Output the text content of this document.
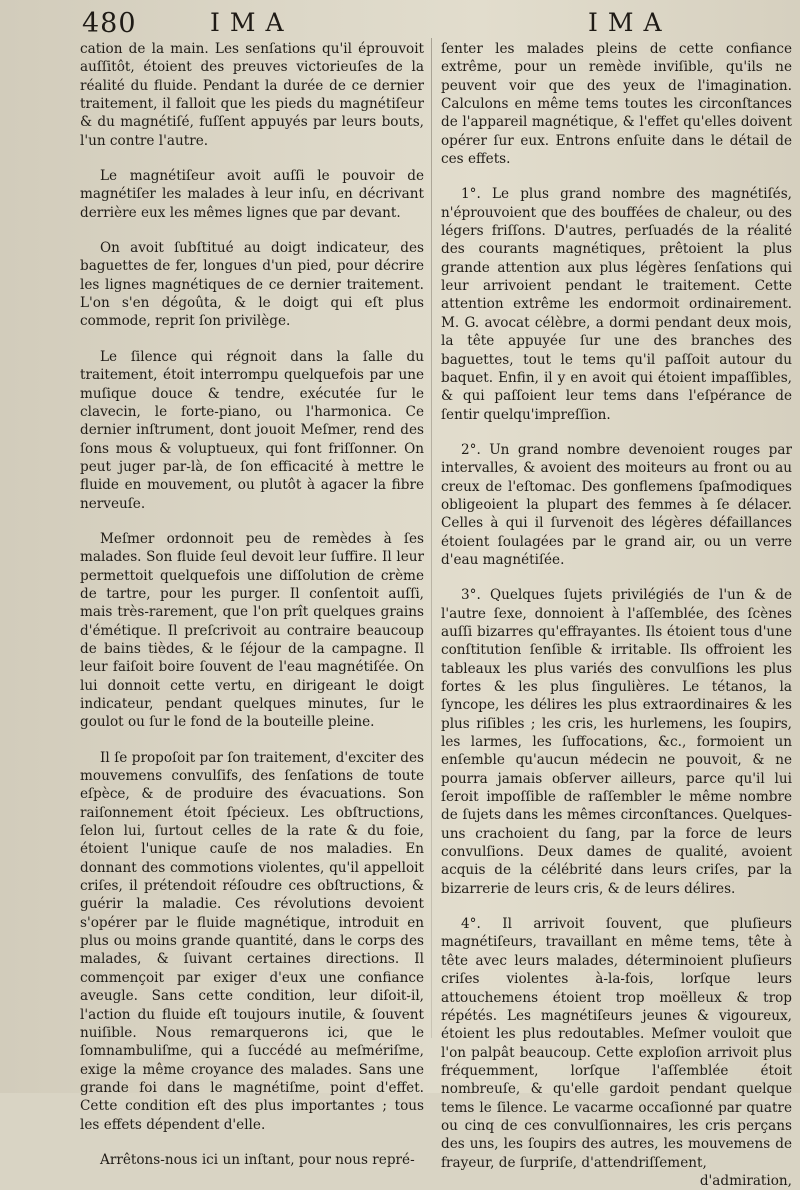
480	IMA	IMA

cation de la main. Les senſations qu'il éprouvoit auſſitôt, étoient des preuves victorieuſes de la réalité du fluide. Pendant la durée de ce dernier traitement, il falloit que les pieds du magnétiſeur & du magnétiſé, fuſſent appuyés par leurs bouts, l'un contre l'autre.

Le magnétiſeur avoit auſſi le pouvoir de magnétiſer les malades à leur inſu, en décrivant derrière eux les mêmes lignes que par devant.

On avoit ſubſtitué au doigt indicateur, des baguettes de fer, longues d'un pied, pour décrire les lignes magnétiques de ce dernier traitement. L'on s'en dégoûta, & le doigt qui eſt plus commode, reprit ſon privilège.

Le ſilence qui régnoit dans la ſalle du traitement, étoit interrompu quelquefois par une muſique douce & tendre, exécutée ſur le clavecin, le forte-piano, ou l'harmonica. Ce dernier inſtrument, dont jouoit Meſmer, rend des ſons mous & voluptueux, qui font friſſonner. On peut juger par-là, de ſon efficacité à mettre le fluide en mouvement, ou plutôt à agacer la fibre nerveuſe.

Meſmer ordonnoit peu de remèdes à ſes malades. Son fluide ſeul devoit leur ſuffire. Il leur permettoit quelquefois une diſſolution de crème de tartre, pour les purger. Il conſentoit auſſi, mais très-rarement, que l'on prît quelques grains d'émétique. Il preſcrivoit au contraire beaucoup de bains tièdes, & le ſéjour de la campagne. Il leur faiſoit boire ſouvent de l'eau magnétiſée. On lui donnoit cette vertu, en dirigeant le doigt indicateur, pendant quelques minutes, ſur le goulot ou ſur le fond de la bouteille pleine.

Il ſe propoſoit par ſon traitement, d'exciter des mouvemens convulſifs, des ſenſations de toute eſpèce, & de produire des évacuations. Son raiſonnement étoit ſpécieux. Les obſtructions, ſelon lui, ſurtout celles de la rate & du foie, étoient l'unique cauſe de nos maladies. En donnant des commotions violentes, qu'il appelloit criſes, il prétendoit réſoudre ces obſtructions, & guérir la maladie. Ces révolutions devoient s'opérer par le fluide magnétique, introduit en plus ou moins grande quantité, dans le corps des malades, & ſuivant certaines directions. Il commençoit par exiger d'eux une confiance aveugle. Sans cette condition, leur diſoit-il, l'action du fluide eſt toujours inutile, & ſouvent nuiſible. Nous remarquerons ici, que le ſomnambuliſme, qui a ſuccédé au meſmériſme, exige la même croyance des malades. Sans une grande foi dans le magnétiſme, point d'effet. Cette condition eſt des plus importantes ; tous les effets dépendent d'elle.

Arrêtons-nous ici un inſtant, pour nous repré-

ſenter les malades pleins de cette confiance extrême, pour un remède inviſible, qu'ils ne peuvent voir que des yeux de l'imagination. Calculons en même tems toutes les circonſtances de l'appareil magnétique, & l'effet qu'elles doivent opérer ſur eux. Entrons enſuite dans le détail de ces effets.

1°. Le plus grand nombre des magnétiſés, n'éprouvoient que des bouffées de chaleur, ou des légers friſſons. D'autres, perſuadés de la réalité des courants magnétiques, prêtoient la plus grande attention aux plus légères ſenſations qui leur arrivoient pendant le traitement. Cette attention extrême les endormoit ordinairement. M. G. avocat célèbre, a dormi pendant deux mois, la tête appuyée ſur une des branches des baguettes, tout le tems qu'il paſſoit autour du baquet. Enfin, il y en avoit qui étoient impaſſibles, & qui paſſoient leur tems dans l'eſpérance de ſentir quelqu'impreſſion.

2°. Un grand nombre devenoient rouges par intervalles, & avoient des moiteurs au front ou au creux de l'eſtomac. Des gonflemens ſpaſmodiques obligeoient la plupart des femmes à ſe délacer. Celles à qui il ſurvenoit des légères défaillances étoient ſoulagées par le grand air, ou un verre d'eau magnétiſée.

3°. Quelques ſujets privilégiés de l'un & de l'autre ſexe, donnoient à l'aſſemblée, des ſcènes auſſi bizarres qu'effrayantes. Ils étoient tous d'une conſtitution ſenſible & irritable. Ils offroient les tableaux les plus variés des convulſions les plus fortes & les plus ſingulières. Le tétanos, la ſyncope, les délires les plus extraordinaires & les plus riſibles ; les cris, les hurlemens, les ſoupirs, les larmes, les ſuffocations, &c., formoient un enſemble qu'aucun médecin ne pouvoit, & ne pourra jamais obſerver ailleurs, parce qu'il lui ſeroit impoſſible de raſſembler le même nombre de ſujets dans les mêmes circonſtances. Quelques-uns crachoient du ſang, par la force de leurs convulſions. Deux dames de qualité, avoient acquis de la célébrité dans leurs criſes, par la bizarrerie de leurs cris, & de leurs délires.

4°. Il arrivoit ſouvent, que pluſieurs magnétiſeurs, travaillant en même tems, tête à tête avec leurs malades, déterminoient pluſieurs criſes violentes à-la-fois, lorſque leurs attouchemens étoient trop moëlleux & trop répétés. Les magnétiſeurs jeunes & vigoureux, étoient les plus redoutables. Meſmer vouloit que l'on palpât beaucoup. Cette exploſion arrivoit plus fréquemment, lorſque l'aſſemblée étoit nombreuſe, & qu'elle gardoit pendant quelque tems le ſilence. Le vacarme occaſionné par quatre ou cinq de ces convulſionnaires, les cris perçans des uns, les ſoupirs des autres, les mouvemens de frayeur, de ſurpriſe, d'attendriſſement,

d'admiration,
